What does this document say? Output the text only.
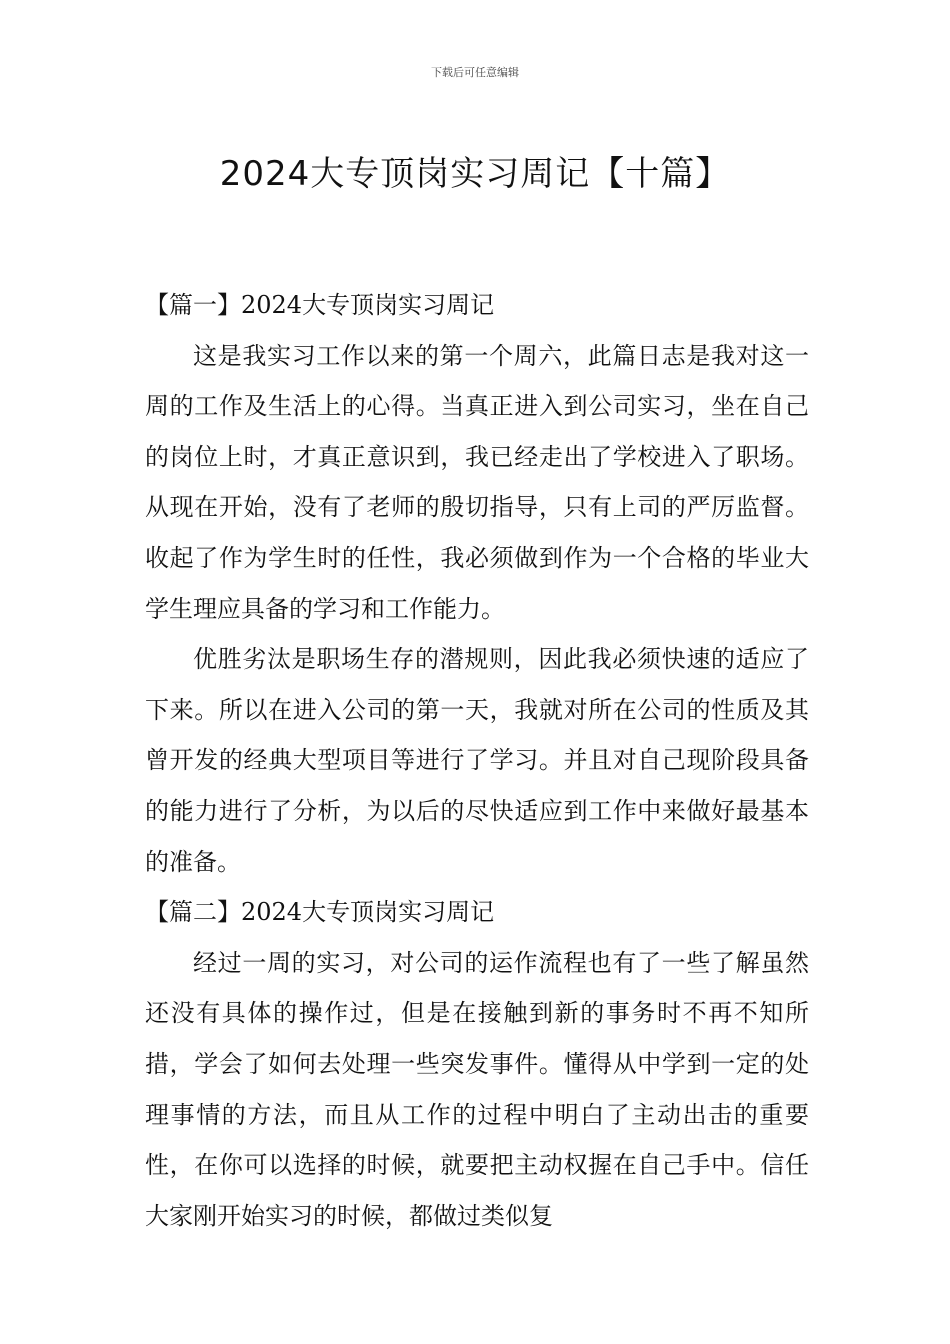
下载后可任意编辑
2024大专顶岗实习周记【十篇】

【篇一】2024大专顶岗实习周记

这是我实习工作以来的第一个周六，此篇日志是我对这一周的工作及生活上的心得。当真正进入到公司实习，坐在自己的岗位上时，才真正意识到，我已经走出了学校进入了职场。从现在开始，没有了老师的殷切指导，只有上司的严厉监督。收起了作为学生时的任性，我必须做到作为一个合格的毕业大学生理应具备的学习和工作能力。

优胜劣汰是职场生存的潜规则，因此我必须快速的适应了下来。所以在进入公司的第一天，我就对所在公司的性质及其曾开发的经典大型项目等进行了学习。并且对自己现阶段具备的能力进行了分析，为以后的尽快适应到工作中来做好最基本的准备。

【篇二】2024大专顶岗实习周记

经过一周的实习，对公司的运作流程也有了一些了解虽然还没有具体的操作过，但是在接触到新的事务时不再不知所措，学会了如何去处理一些突发事件。懂得从中学到一定的处理事情的方法，而且从工作的过程中明白了主动出击的重要性，在你可以选择的时候，就要把主动权握在自己手中。信任大家刚开始实习的时候，都做过类似复
